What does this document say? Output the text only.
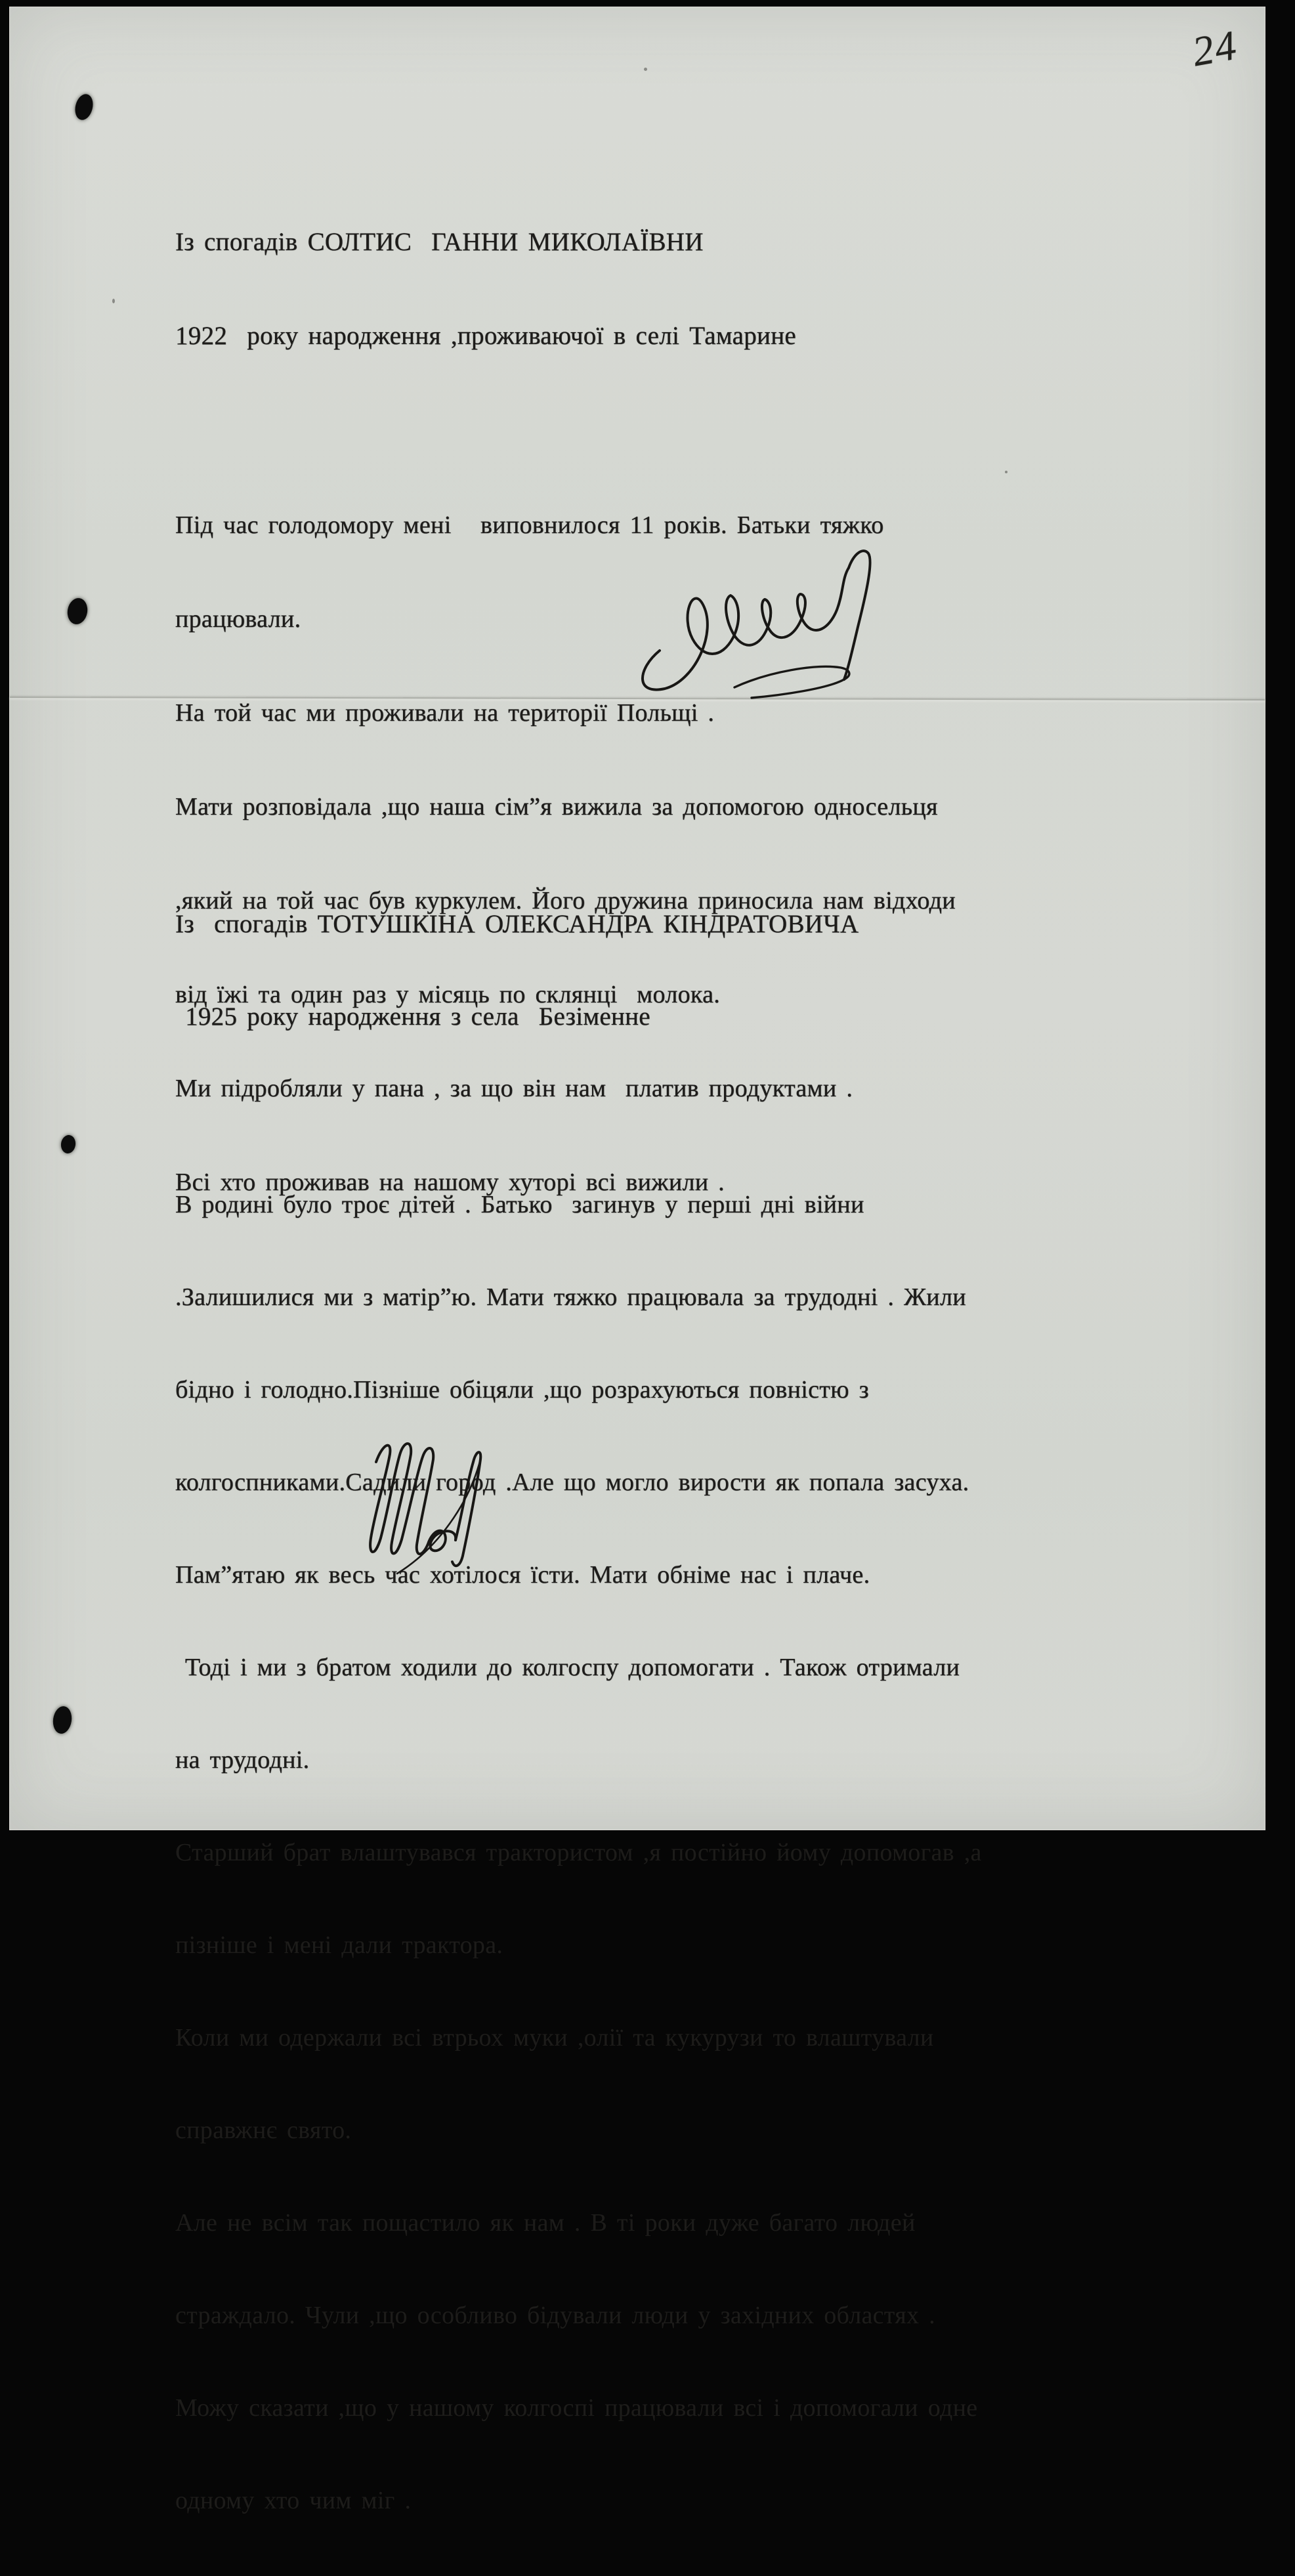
24

Із спогадів СОЛТИС  ГАННИ МИКОЛАЇВНИ

1922  року народження ,проживаючої в селі Тамарине

Під час голодомору мені   виповнилося 11 років. Батьки тяжко

працювали.

На той час ми проживали на території Польщі .

Мати розповідала ,що наша сім”я вижила за допомогою односельця

,який на той час був куркулем. Його дружина приносила нам відходи

від їжі та один раз у місяць по склянці  молока.

Ми підробляли у пана , за що він нам  платив продуктами .

Всі хто проживав на нашому хуторі всі вижили .

Із  спогадів ТОТУШКІНА ОЛЕКСАНДРА КІНДРАТОВИЧА

1925 року народження з села  Безіменне

В родині було троє дітей . Батько  загинув у перші дні війни

.Залишилися ми з матір”ю. Мати тяжко працювала за трудодні . Жили

бідно і голодно.Пізніше обіцяли ,що розрахуються повністю з

колгоспниками.Садили город .Але що могло вирости як попала засуха.

Пам”ятаю як весь час хотілося їсти. Мати обніме нас і плаче.

Тоді і ми з братом ходили до колгоспу допомогати . Також отримали

на трудодні.

Старший брат влаштувався трактористом ,я постійно йому допомогав ,а

пізніше і мені дали трактора.

Коли ми одержали всі втрьох муки ,олії та кукурузи то влаштували

справжнє свято.

Але не всім так пощастило як нам . В ті роки дуже багато людей

страждало. Чули ,що особливо бідували люди у західних областях .

Можу сказати ,що у нашому колгоспі працювали всі і допомогали одне

одному хто чим міг .
